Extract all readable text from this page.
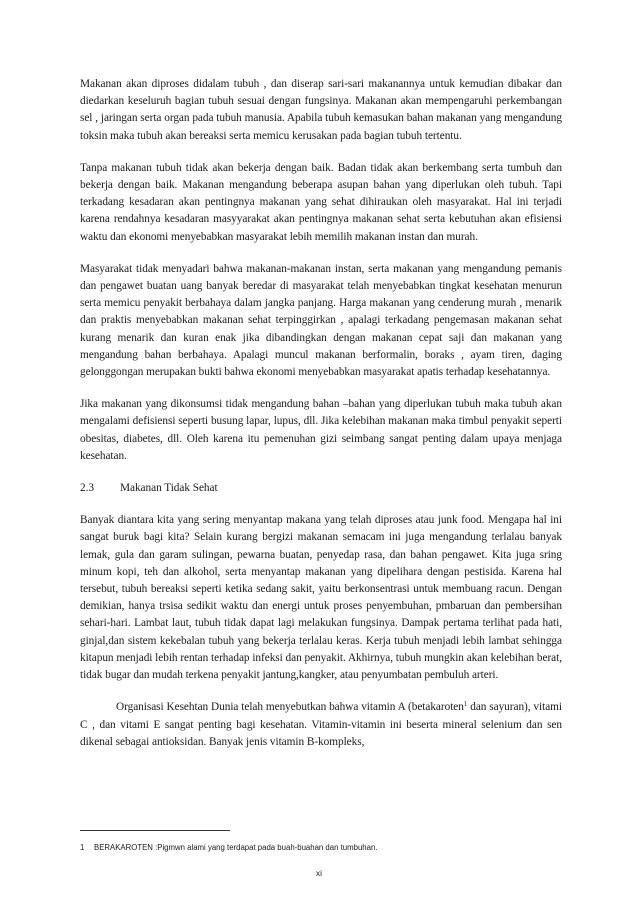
Makanan akan diproses didalam tubuh , dan diserap sari-sari makanannya untuk kemudian dibakar dan diedarkan keseluruh bagian tubuh sesuai dengan fungsinya. Makanan akan mempengaruhi perkembangan sel , jaringan serta organ pada tubuh manusia. Apabila tubuh kemasukan bahan makanan yang mengandung toksin maka tubuh akan bereaksi serta memicu kerusakan pada bagian tubuh tertentu.

Tanpa makanan tubuh tidak akan bekerja dengan baik. Badan tidak akan berkembang serta tumbuh dan bekerja dengan baik. Makanan mengandung beberapa asupan bahan yang diperlukan oleh tubuh. Tapi terkadang kesadaran akan pentingnya makanan yang sehat dihiraukan oleh masyarakat. Hal ini terjadi karena rendahnya kesadaran masyyarakat akan pentingnya makanan sehat serta kebutuhan akan efisiensi waktu dan ekonomi menyebabkan masyarakat lebih memilih makanan instan dan murah.

Masyarakat tidak menyadari bahwa makanan-makanan instan, serta makanan yang mengandung pemanis dan pengawet buatan uang banyak beredar di masyarakat telah menyebabkan tingkat kesehatan menurun serta memicu penyakit berbahaya dalam jangka panjang. Harga makanan yang cenderung murah , menarik dan praktis menyebabkan makanan sehat terpinggirkan , apalagi terkadang pengemasan makanan sehat kurang menarik dan kuran enak jika dibandingkan dengan makanan cepat saji dan makanan yang mengandung bahan berbahaya. Apalagi muncul makanan berformalin, boraks , ayam tiren, daging gelonggongan merupakan bukti bahwa ekonomi menyebabkan masyarakat apatis terhadap kesehatannya.

Jika makanan yang dikonsumsi tidak mengandung bahan –bahan yang diperlukan tubuh maka tubuh akan mengalami defisiensi seperti busung lapar, lupus, dll. Jika kelebihan makanan maka timbul penyakit seperti obesitas, diabetes, dll. Oleh karena itu pemenuhan gizi seimbang sangat penting dalam upaya menjaga kesehatan.

2.3 Makanan Tidak Sehat

Banyak diantara kita yang sering menyantap makana yang telah diproses atau junk food. Mengapa hal ini sangat buruk bagi kita? Selain kurang bergizi makanan semacam ini juga mengandung terlalau banyak lemak, gula dan garam sulingan, pewarna buatan, penyedap rasa, dan bahan pengawet. Kita juga sring minum kopi, teh dan alkohol, serta menyantap makanan yang dipelihara dengan pestisida. Karena hal tersebut, tubuh bereaksi seperti ketika sedang sakit, yaitu berkonsentrasi untuk membuang racun. Dengan demikian, hanya trsisa sedikit waktu dan energi untuk proses penyembuhan, pmbaruan dan pembersihan sehari-hari. Lambat laut, tubuh tidak dapat lagi melakukan fungsinya. Dampak pertama terlihat pada hati, ginjal,dan sistem kekebalan tubuh yang bekerja terlalau keras. Kerja tubuh menjadi lebih lambat sehingga kitapun menjadi lebih rentan terhadap infeksi dan penyakit. Akhirnya, tubuh mungkin akan kelebihan berat, tidak bugar dan mudah terkena penyakit jantung,kangker, atau penyumbatan pembuluh arteri.

Organisasi Kesehtan Dunia telah menyebutkan bahwa vitamin A (betakaroten$^1$ dan sayuran), vitami C , dan vitami E sangat penting bagi kesehatan. Vitamin-vitamin ini beserta mineral selenium dan sen dikenal sebagai antioksidan. Banyak jenis vitamin B-kompleks,

1 BERAKAROTEN :Pigmwn alami yang terdapat pada buah-buahan dan tumbuhan.
xi
